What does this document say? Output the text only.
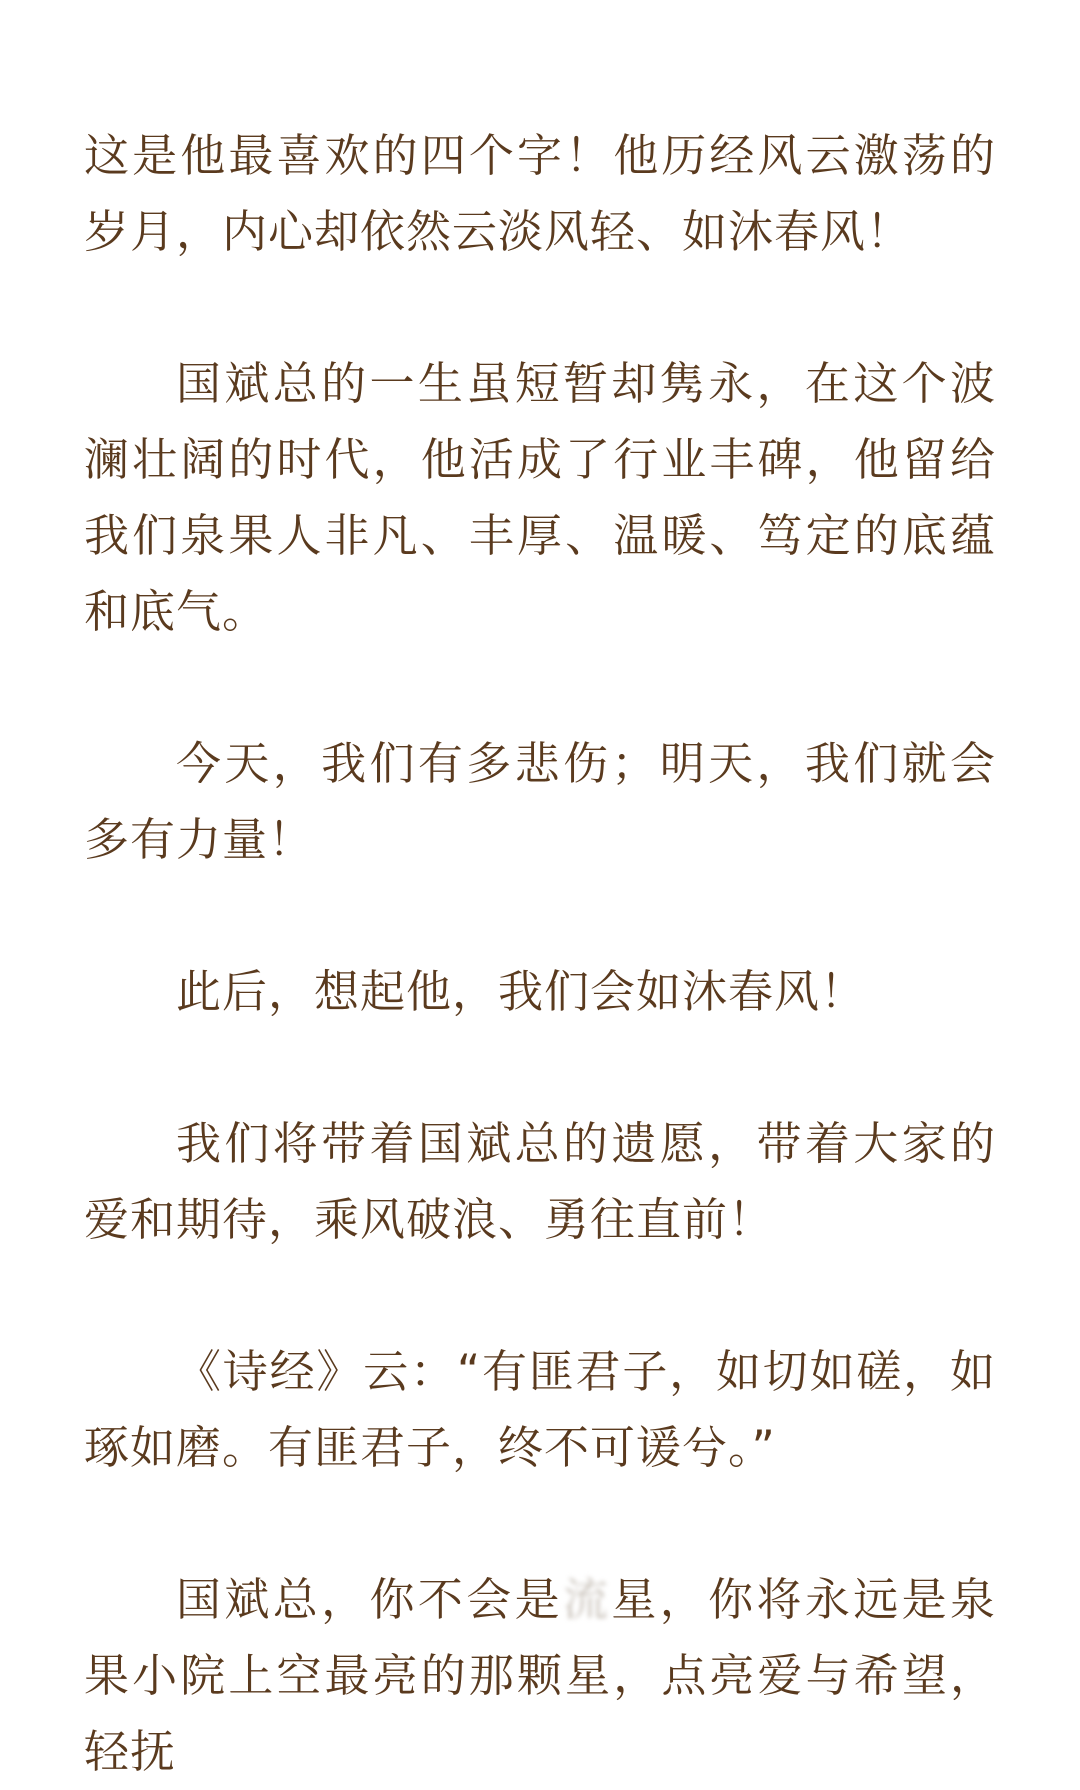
这是他最喜欢的四个字！他历经风云激荡的岁月，内心却依然云淡风轻、如沐春风！

国斌总的一生虽短暂却隽永，在这个波澜壮阔的时代，他活成了行业丰碑，他留给我们泉果人非凡、丰厚、温暖、笃定的底蕴和底气。

今天，我们有多悲伤；明天，我们就会多有力量！

此后，想起他，我们会如沐春风！

我们将带着国斌总的遗愿，带着大家的爱和期待，乘风破浪、勇往直前！

《诗经》云：“有匪君子，如切如磋，如琢如磨。有匪君子，终不可谖兮。”

国斌总，你不会是流星，你将永远是泉果小院上空最亮的那颗星，点亮爱与希望，轻抚
